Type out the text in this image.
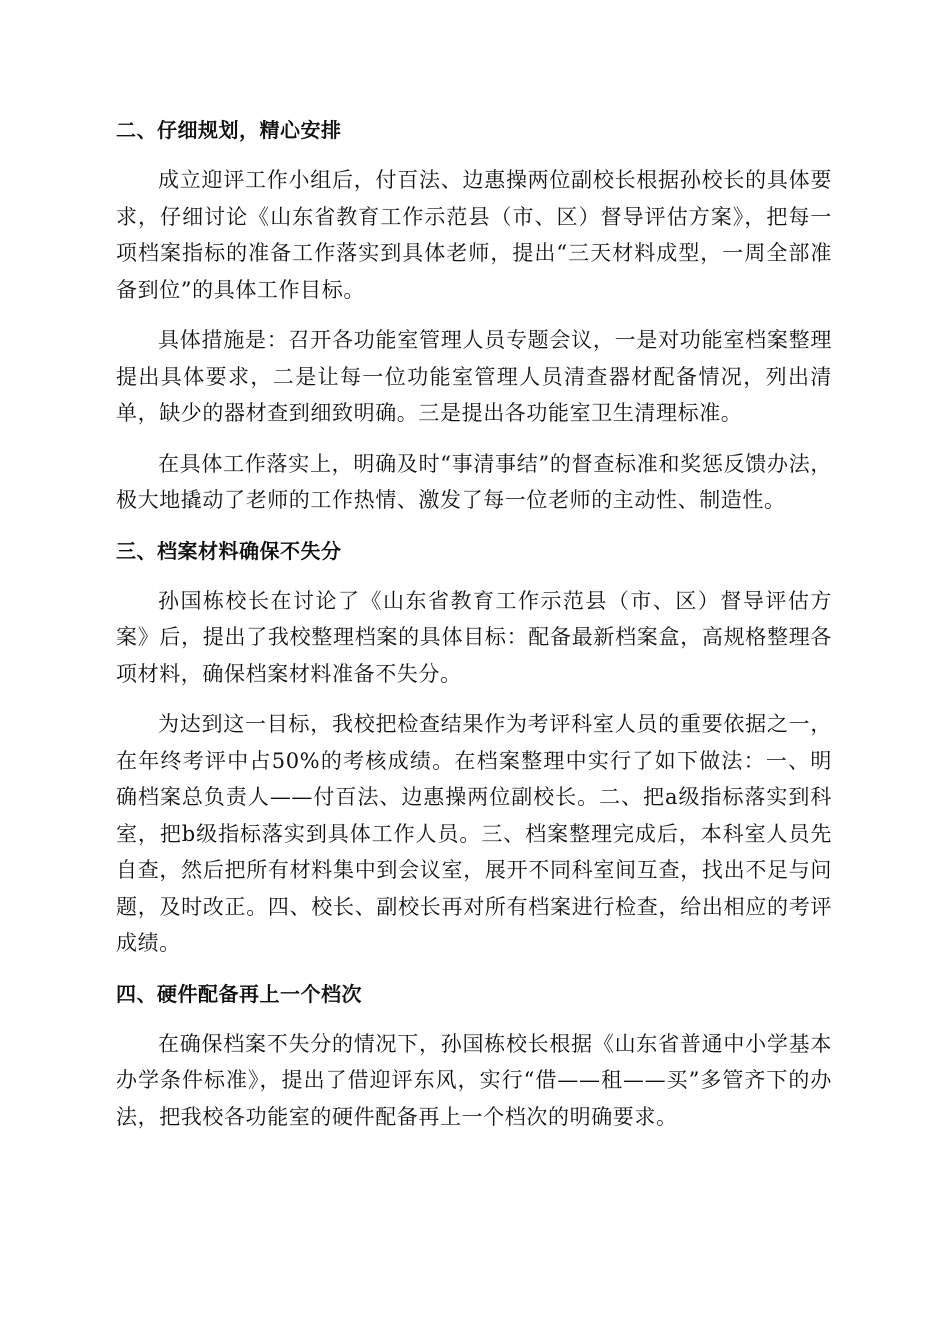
二、仔细规划，精心安排

成立迎评工作小组后，付百法、边惠操两位副校长根据孙校长的具体要求，仔细讨论《山东省教育工作示范县（市、区）督导评估方案》，把每一项档案指标的准备工作落实到具体老师，提出“三天材料成型，一周全部准备到位”的具体工作目标。

具体措施是：召开各功能室管理人员专题会议，一是对功能室档案整理提出具体要求，二是让每一位功能室管理人员清查器材配备情况，列出清单，缺少的器材查到细致明确。三是提出各功能室卫生清理标准。

在具体工作落实上，明确及时“事清事结”的督查标准和奖惩反馈办法，极大地撬动了老师的工作热情、激发了每一位老师的主动性、制造性。

三、档案材料确保不失分

孙国栋校长在讨论了《山东省教育工作示范县（市、区）督导评估方案》后，提出了我校整理档案的具体目标：配备最新档案盒，高规格整理各项材料，确保档案材料准备不失分。

为达到这一目标，我校把检查结果作为考评科室人员的重要依据之一，在年终考评中占50%的考核成绩。在档案整理中实行了如下做法：一、明确档案总负责人——付百法、边惠操两位副校长。二、把a级指标落实到科室，把b级指标落实到具体工作人员。三、档案整理完成后，本科室人员先自查，然后把所有材料集中到会议室，展开不同科室间互查，找出不足与问题，及时改正。四、校长、副校长再对所有档案进行检查，给出相应的考评成绩。

四、硬件配备再上一个档次

在确保档案不失分的情况下，孙国栋校长根据《山东省普通中小学基本办学条件标准》，提出了借迎评东风，实行“借——租——买”多管齐下的办法，把我校各功能室的硬件配备再上一个档次的明确要求。
